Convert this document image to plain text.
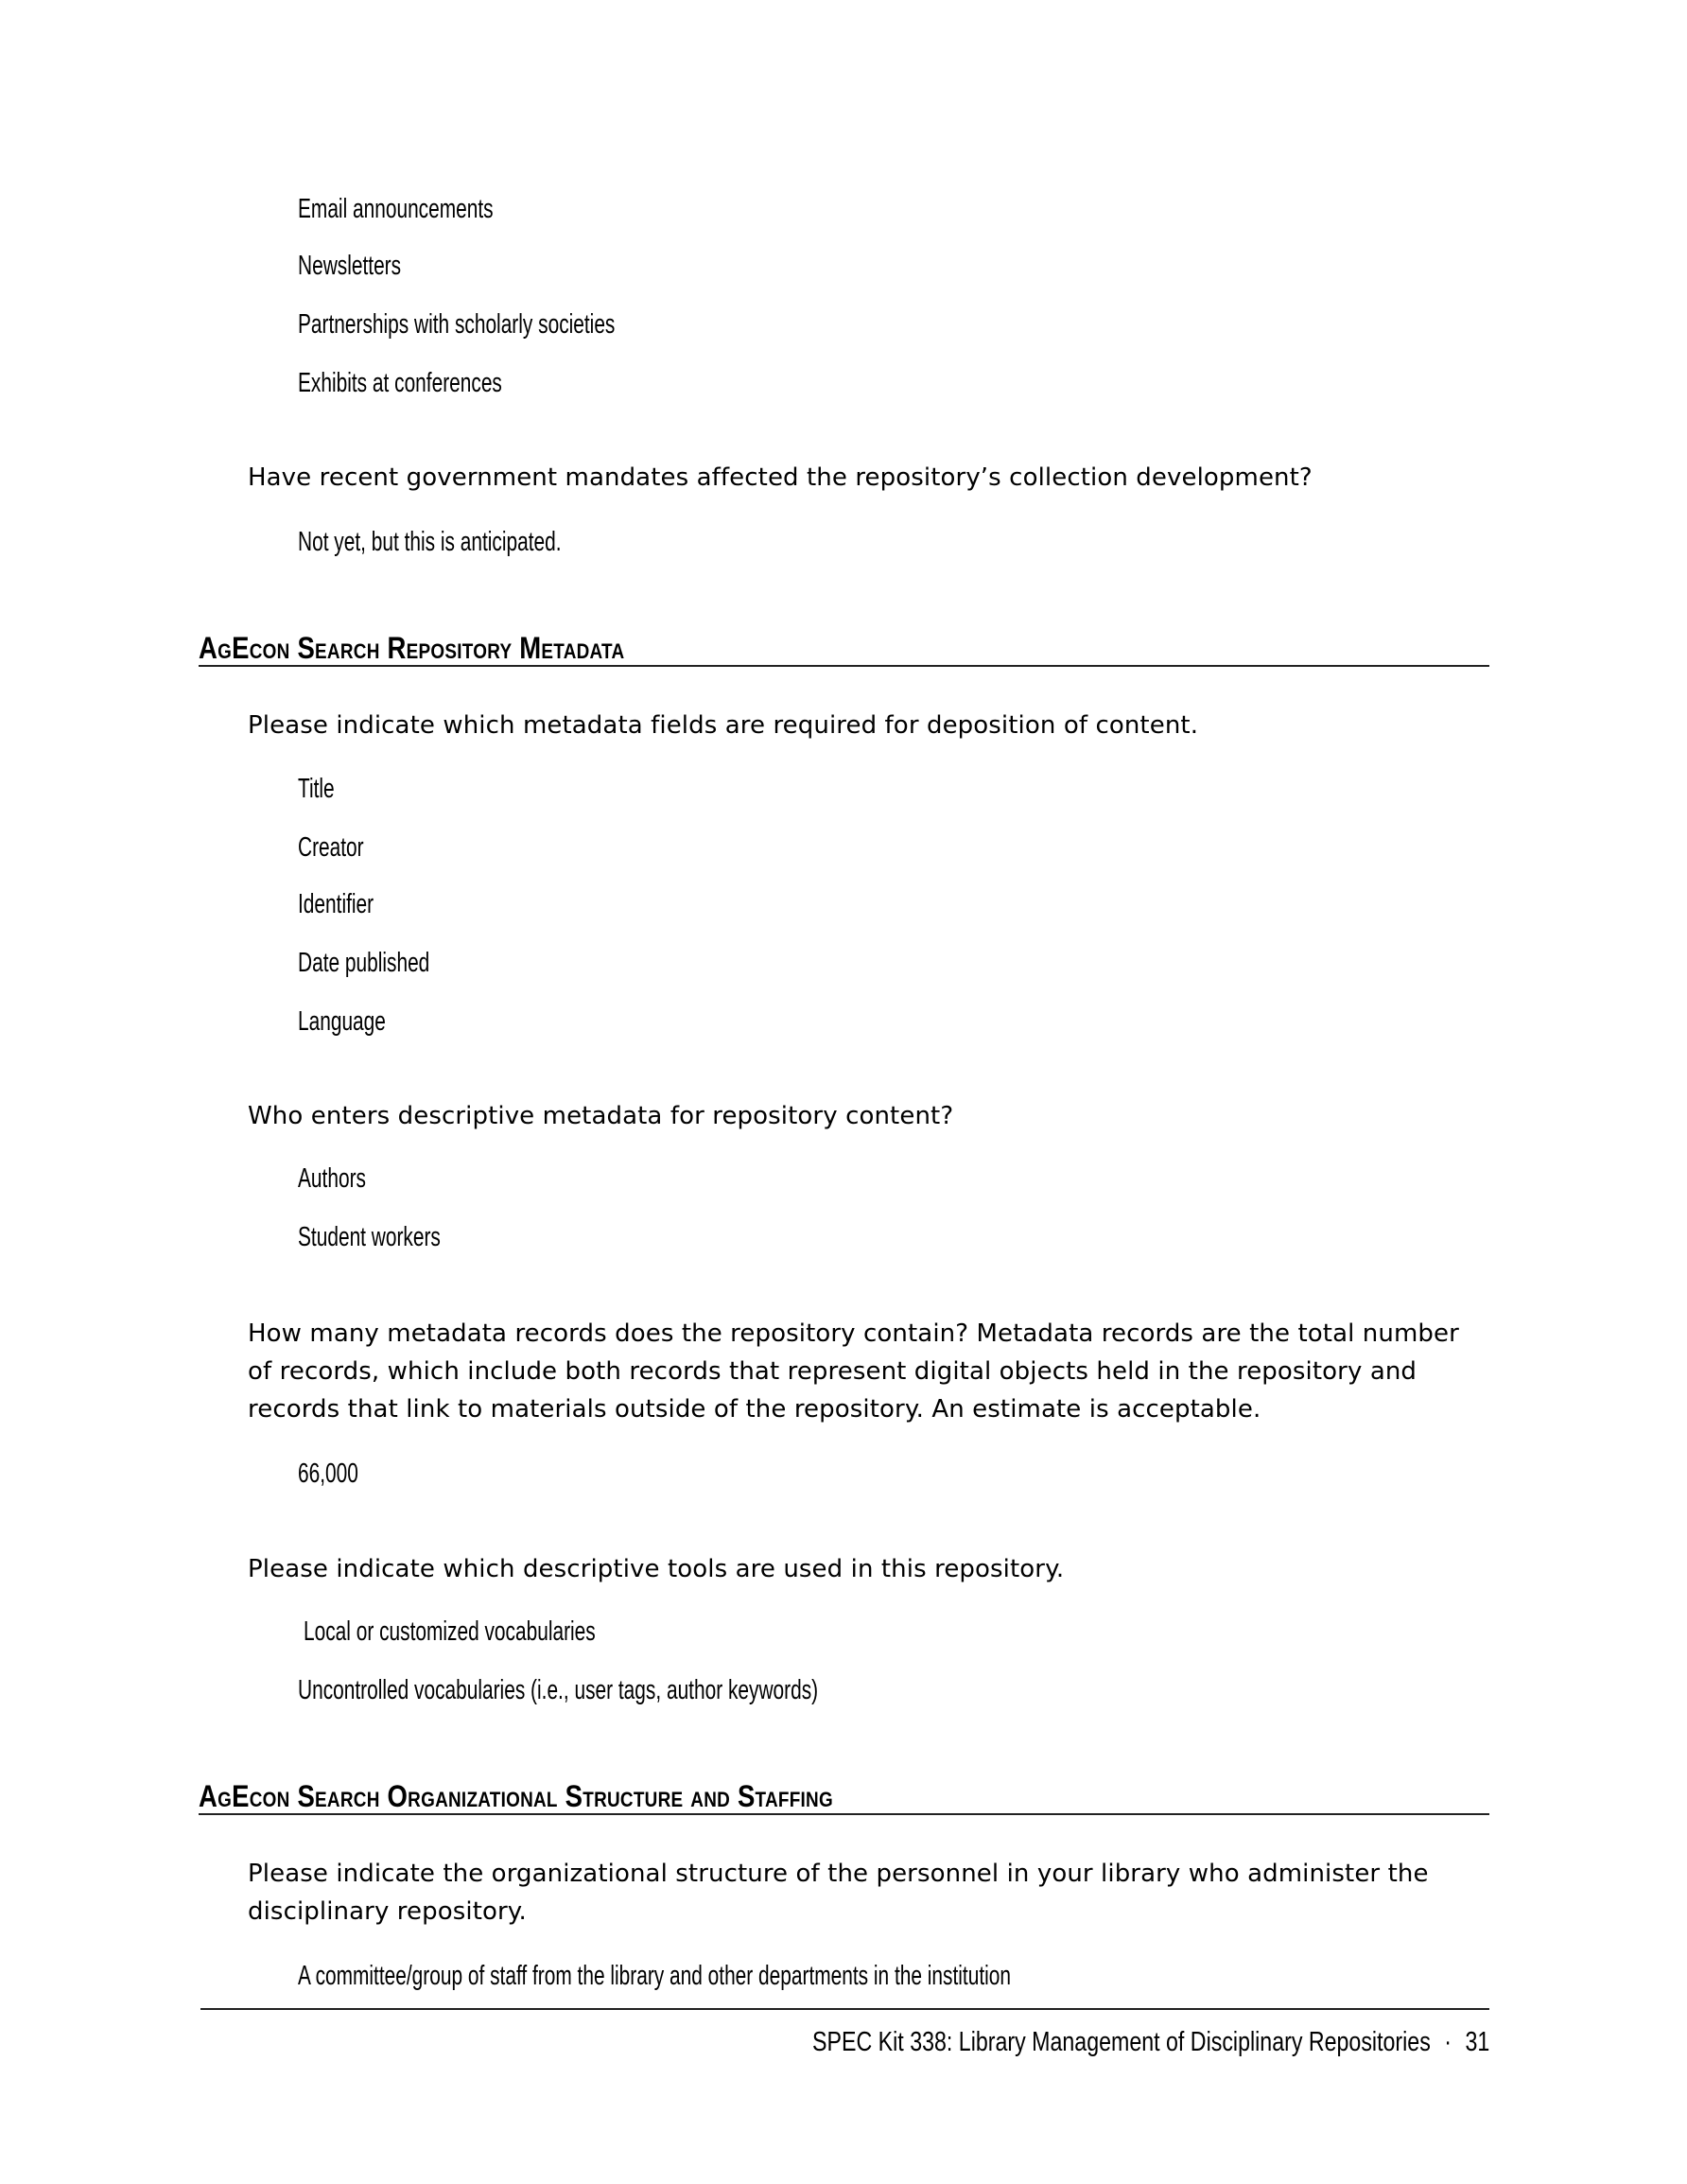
Email announcements
Newsletters
Partnerships with scholarly societies
Exhibits at conferences
Have recent government mandates affected the repository’s collection development?
Not yet, but this is anticipated.
AgEcon Search Repository Metadata
Please indicate which metadata fields are required for deposition of content.
Title
Creator
Identifier
Date published
Language
Who enters descriptive metadata for repository content?
Authors
Student workers
How many metadata records does the repository contain? Metadata records are the total number
of records, which include both records that represent digital objects held in the repository and
records that link to materials outside of the repository. An estimate is acceptable.
66,000
Please indicate which descriptive tools are used in this repository.
Local or customized vocabularies
Uncontrolled vocabularies (i.e., user tags, author keywords)
AgEcon Search Organizational Structure and Staffing
Please indicate the organizational structure of the personnel in your library who administer the
disciplinary repository.
A committee/group of staff from the library and other departments in the institution
SPEC Kit 338: Library Management of Disciplinary Repositories · 31
